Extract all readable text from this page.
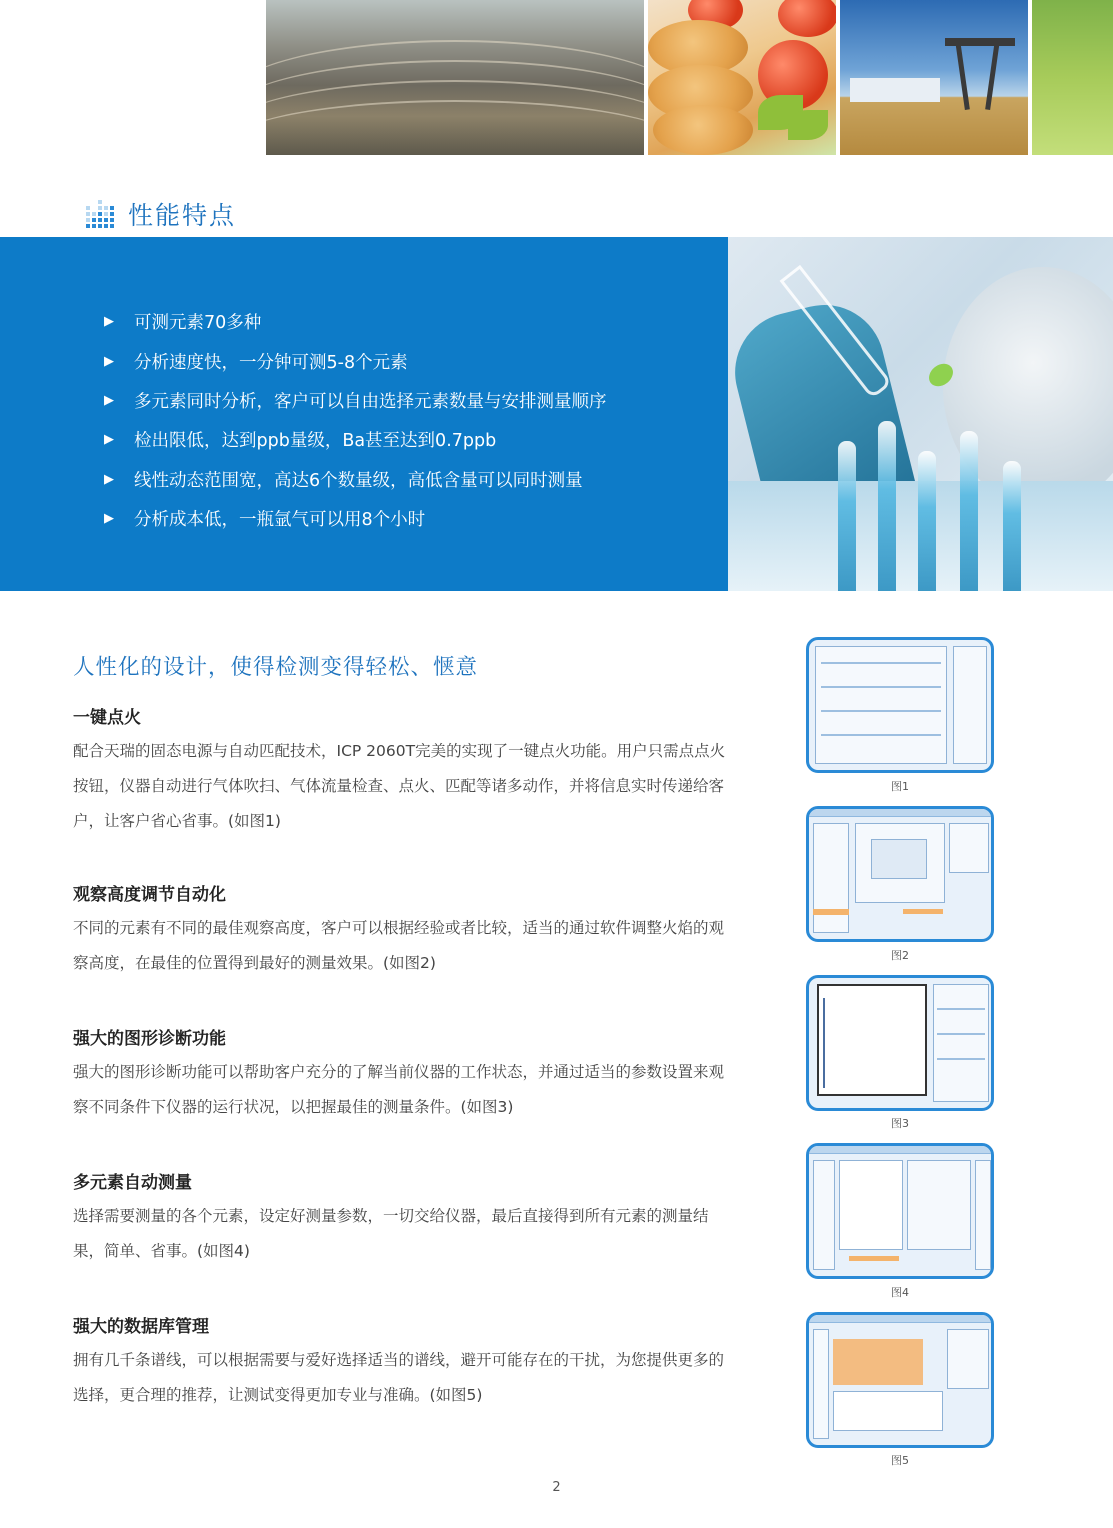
性能特点
▶ 可测元素70多种
▶ 分析速度快，一分钟可测5-8个元素
▶ 多元素同时分析，客户可以自由选择元素数量与安排测量顺序
▶ 检出限低，达到ppb量级，Ba甚至达到0.7ppb
▶ 线性动态范围宽，高达6个数量级，高低含量可以同时测量
▶ 分析成本低，一瓶氩气可以用8个小时
人性化的设计，使得检测变得轻松、惬意
一键点火
配合天瑞的固态电源与自动匹配技术，ICP 2060T完美的实现了一键点火功能。用户只需点点火按钮，仪器自动进行气体吹扫、气体流量检查、点火、匹配等诸多动作，并将信息实时传递给客户，让客户省心省事。(如图1)
观察高度调节自动化
不同的元素有不同的最佳观察高度，客户可以根据经验或者比较，适当的通过软件调整火焰的观察高度，在最佳的位置得到最好的测量效果。(如图2)
强大的图形诊断功能
强大的图形诊断功能可以帮助客户充分的了解当前仪器的工作状态，并通过适当的参数设置来观察不同条件下仪器的运行状况，以把握最佳的测量条件。(如图3)
多元素自动测量
选择需要测量的各个元素，设定好测量参数，一切交给仪器，最后直接得到所有元素的测量结果，简单、省事。(如图4)
强大的数据库管理
拥有几千条谱线，可以根据需要与爱好选择适当的谱线，避开可能存在的干扰，为您提供更多的选择，更合理的推荐，让测试变得更加专业与准确。(如图5)
图1
图2
图3
图4
图5
2
